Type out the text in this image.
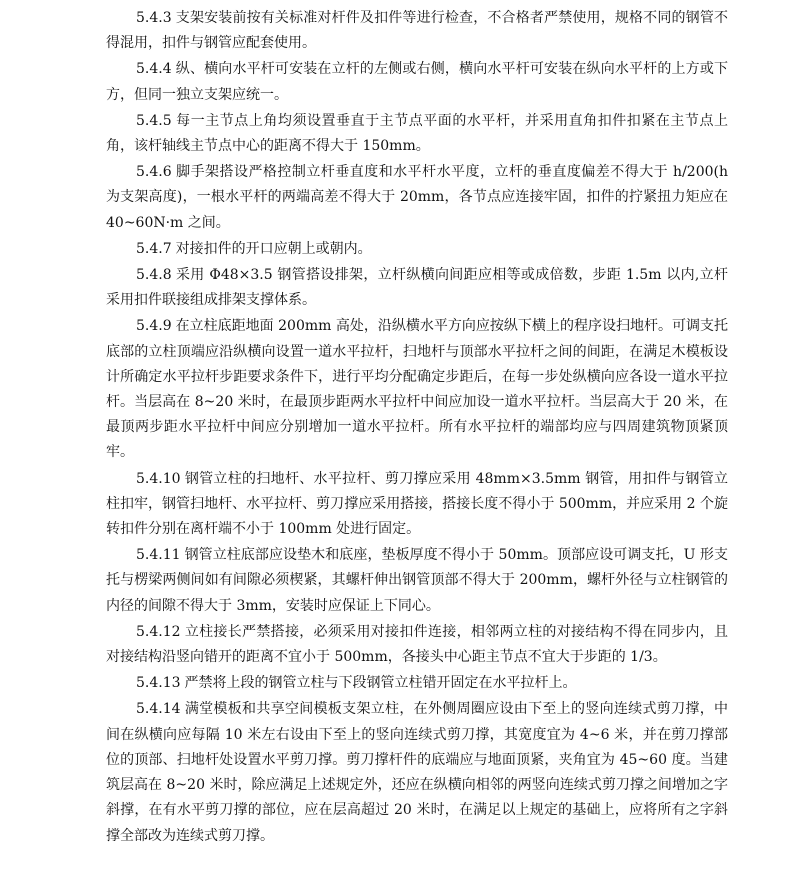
5.4.3 支架安装前按有关标准对杆件及扣件等进行检查，不合格者严禁使用，规格不同的钢管不得混用，扣件与钢管应配套使用。

5.4.4 纵、横向水平杆可安装在立杆的左侧或右侧，横向水平杆可安装在纵向水平杆的上方或下方，但同一独立支架应统一。

5.4.5 每一主节点上角均须设置垂直于主节点平面的水平杆，并采用直角扣件扣紧在主节点上角，该杆轴线主节点中心的距离不得大于 150mm。

5.4.6 脚手架搭设严格控制立杆垂直度和水平杆水平度，立杆的垂直度偏差不得大于 h/200(h 为支架高度)，一根水平杆的两端高差不得大于 20mm，各节点应连接牢固，扣件的拧紧扭力矩应在 40~60N·m 之间。

5.4.7 对接扣件的开口应朝上或朝内。

5.4.8 采用 Φ48×3.5 钢管搭设排架，立杆纵横向间距应相等或成倍数，步距 1.5m 以内,立杆采用扣件联接组成排架支撑体系。

5.4.9 在立柱底距地面 200mm 高处，沿纵横水平方向应按纵下横上的程序设扫地杆。可调支托底部的立柱顶端应沿纵横向设置一道水平拉杆，扫地杆与顶部水平拉杆之间的间距，在满足木模板设计所确定水平拉杆步距要求条件下，进行平均分配确定步距后，在每一步处纵横向应各设一道水平拉杆。当层高在 8~20 米时，在最顶步距两水平拉杆中间应加设一道水平拉杆。当层高大于 20 米，在最顶两步距水平拉杆中间应分别增加一道水平拉杆。所有水平拉杆的端部均应与四周建筑物顶紧顶牢。

5.4.10 钢管立柱的扫地杆、水平拉杆、剪刀撑应采用 48mm×3.5mm 钢管，用扣件与钢管立柱扣牢，钢管扫地杆、水平拉杆、剪刀撑应采用搭接，搭接长度不得小于 500mm，并应采用 2 个旋转扣件分别在离杆端不小于 100mm 处进行固定。

5.4.11 钢管立柱底部应设垫木和底座，垫板厚度不得小于 50mm。顶部应设可调支托，U 形支托与楞梁两侧间如有间隙必须楔紧，其螺杆伸出钢管顶部不得大于 200mm，螺杆外径与立柱钢管的内径的间隙不得大于 3mm，安装时应保证上下同心。

5.4.12 立柱接长严禁搭接，必须采用对接扣件连接，相邻两立柱的对接结构不得在同步内，且对接结构沿竖向错开的距离不宜小于 500mm，各接头中心距主节点不宜大于步距的 1/3。

5.4.13 严禁将上段的钢管立柱与下段钢管立柱错开固定在水平拉杆上。

5.4.14 满堂模板和共享空间模板支架立柱，在外侧周圈应设由下至上的竖向连续式剪刀撑，中间在纵横向应每隔 10 米左右设由下至上的竖向连续式剪刀撑，其宽度宜为 4~6 米，并在剪刀撑部位的顶部、扫地杆处设置水平剪刀撑。剪刀撑杆件的底端应与地面顶紧，夹角宜为 45~60 度。当建筑层高在 8~20 米时，除应满足上述规定外，还应在纵横向相邻的两竖向连续式剪刀撑之间增加之字斜撑，在有水平剪刀撑的部位，应在层高超过 20 米时，在满足以上规定的基础上，应将所有之字斜撑全部改为连续式剪刀撑。
